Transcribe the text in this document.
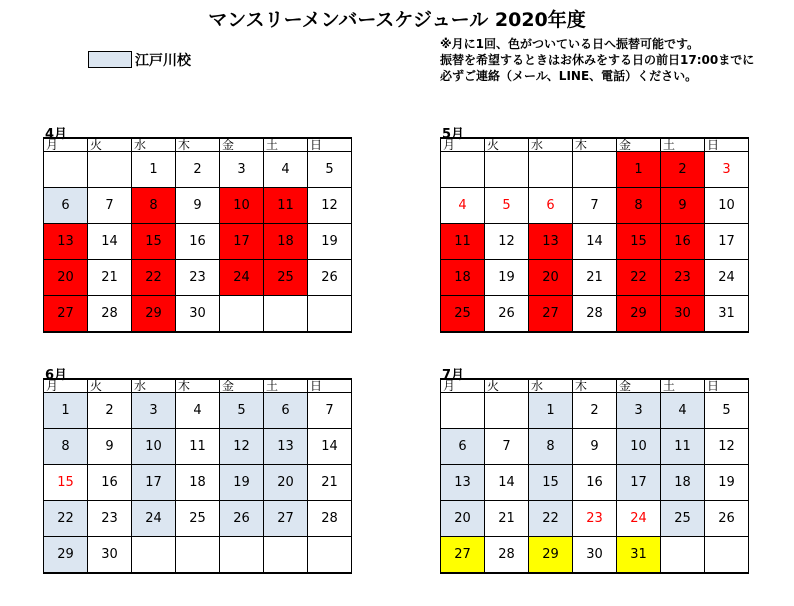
マンスリーメンバースケジュール 2020年度
江戸川校
※月に1回、色がついている日へ振替可能です。
振替を希望するときはお休みをする日の前日17:00までに
必ずご連絡（メール、LINE、電話）ください。
4月
月	火	水	木	金	土	日
		1	2	3	4	5
6	7	8	9	10	11	12
13	14	15	16	17	18	19
20	21	22	23	24	25	26
27	28	29	30			
5月
月	火	水	木	金	土	日
				1	2	3
4	5	6	7	8	9	10
11	12	13	14	15	16	17
18	19	20	21	22	23	24
25	26	27	28	29	30	31
6月
月	火	水	木	金	土	日
1	2	3	4	5	6	7
8	9	10	11	12	13	14
15	16	17	18	19	20	21
22	23	24	25	26	27	28
29	30					
7月
月	火	水	木	金	土	日
		1	2	3	4	5
6	7	8	9	10	11	12
13	14	15	16	17	18	19
20	21	22	23	24	25	26
27	28	29	30	31		
